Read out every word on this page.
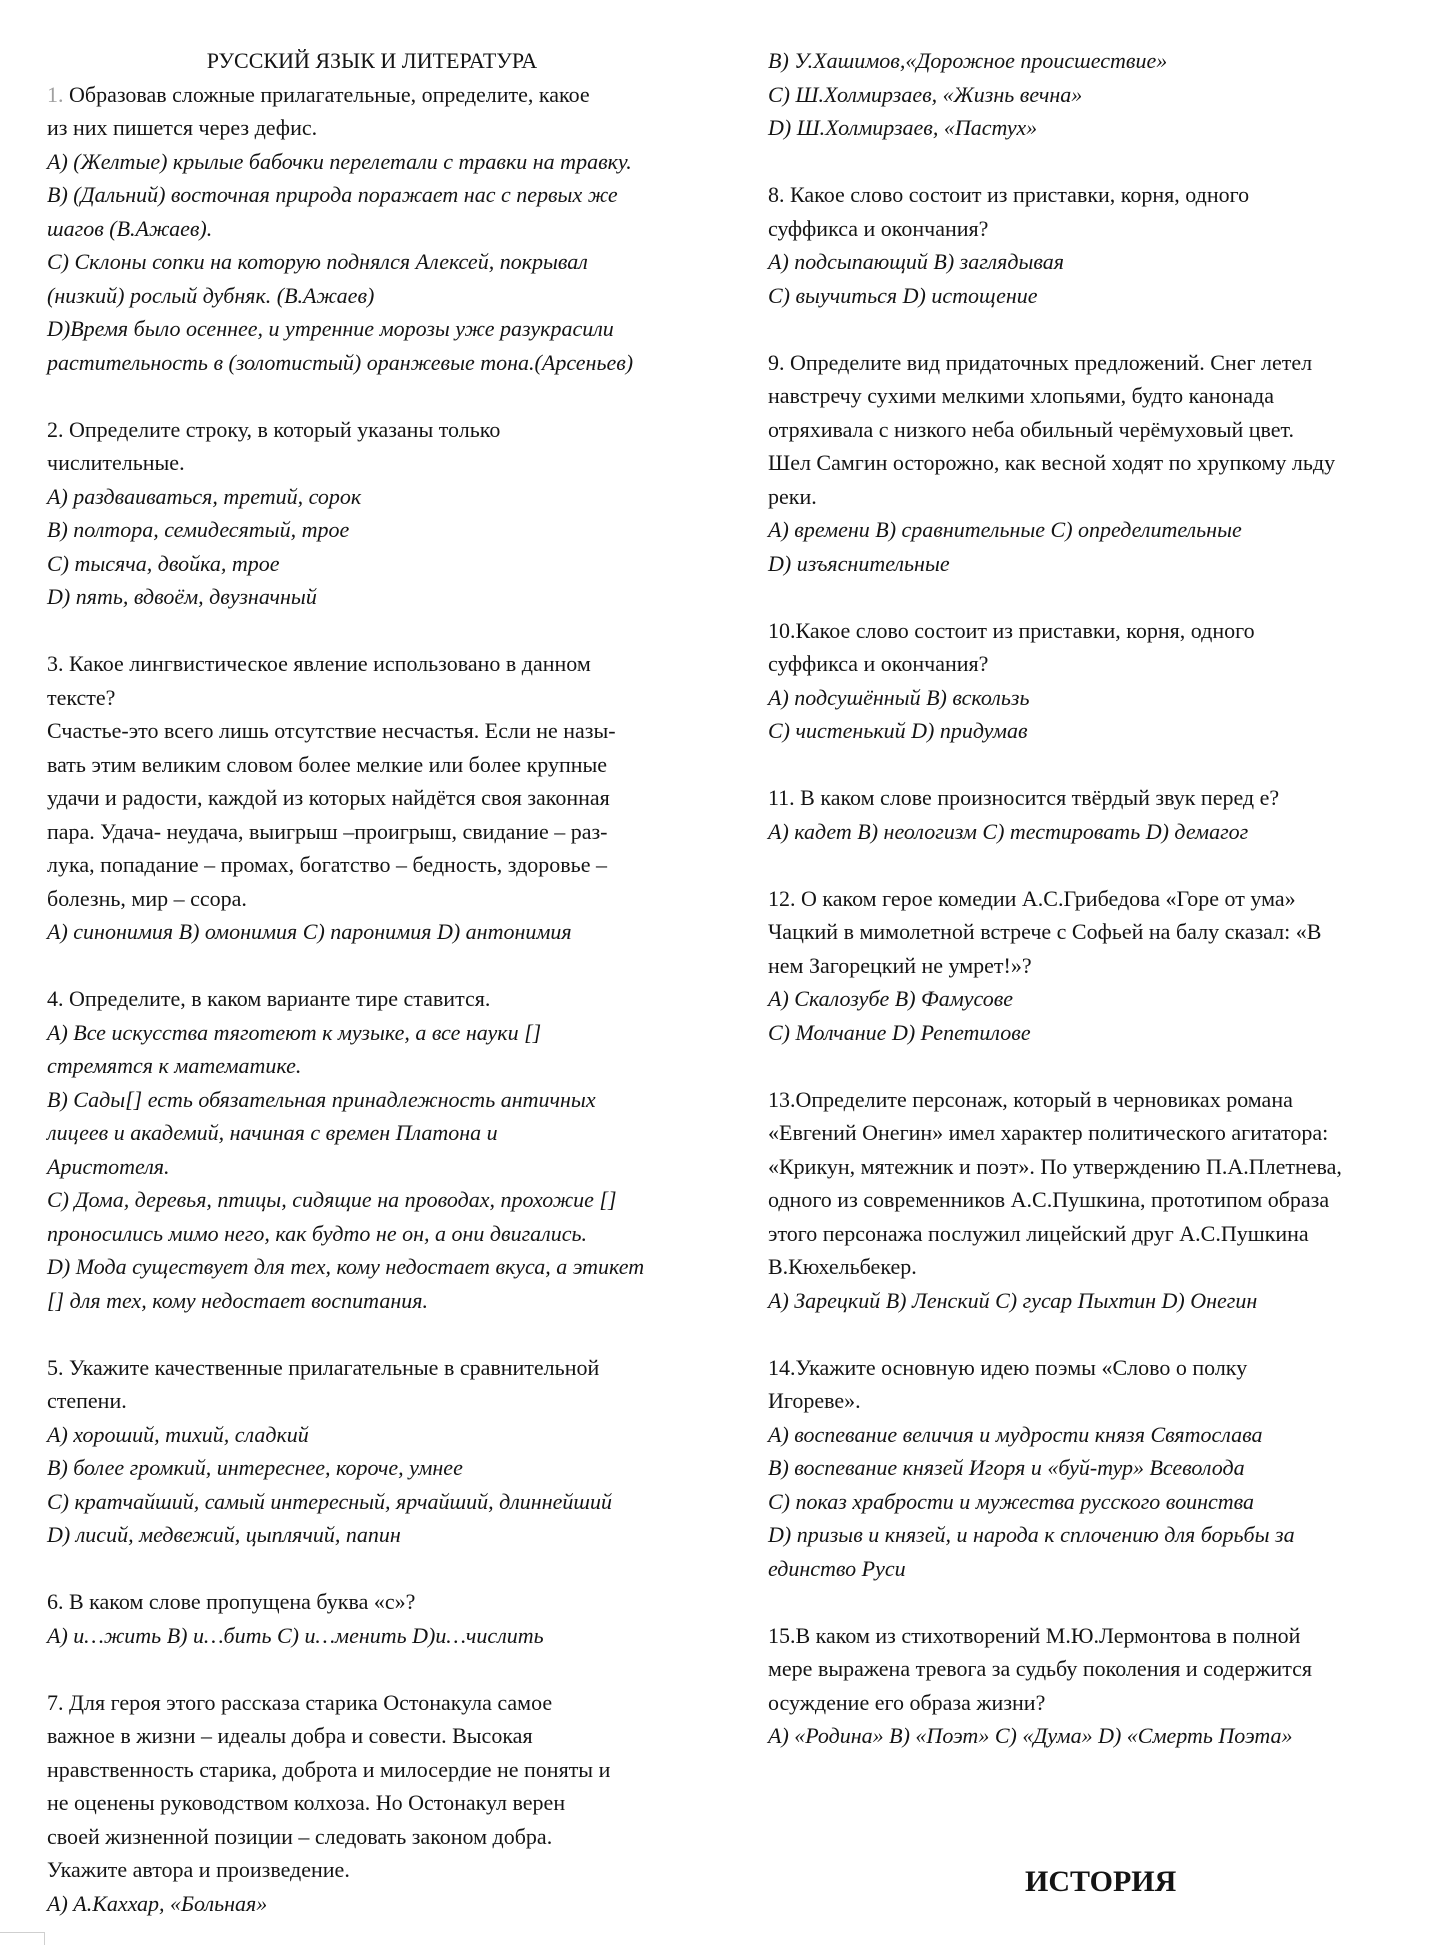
РУССКИЙ ЯЗЫК И ЛИТЕРАТУРА
1. Образовав сложные прилагательные, определите, какое
из них пишется через дефис.
A) (Желтые) крылые бабочки перелетали с травки на травку.
B) (Дальний) восточная природа поражает нас с первых же
шагов (В.Ажаев).
C) Склоны сопки на которую поднялся Алексей, покрывал
(низкий) рослый дубняк. (В.Ажаев)
D)Время было осеннее, и утренние морозы уже разукрасили
растительность в (золотистый) оранжевые тона.(Арсеньев)
2. Определите строку, в который указаны только
числительные.
A) раздваиваться, третий, сорок
B) полтора, семидесятый, трое
C) тысяча, двойка, трое
D) пять, вдвоём, двузначный
3. Какое лингвистическое явление использовано в данном
тексте?
Счастье-это всего лишь отсутствие несчастья. Если не назы-
вать этим великим словом более мелкие или более крупные
удачи и радости, каждой из которых найдётся своя законная
пара. Удача- неудача, выигрыш –проигрыш, свидание – раз-
лука, попадание – промах, богатство – бедность, здоровье –
болезнь, мир – ссора.
A) синонимия B) омонимия C) паронимия D) антонимия
4. Определите, в каком варианте тире ставится.
A) Все искусства тяготеют к музыке, а все науки []
стремятся к математике.
B) Сады[] есть обязательная принадлежность античных
лицеев и академий, начиная с времен Платона и
Аристотеля.
C) Дома, деревья, птицы, сидящие на проводах, прохожие []
проносились мимо него, как будто не он, а они двигались.
D) Мода существует для тех, кому недостает вкуса, а этикет
[] для тех, кому недостает воспитания.
5. Укажите качественные прилагательные в сравнительной
степени.
A) хороший, тихий, сладкий
B) более громкий, интереснее, короче, умнее
C) кратчайший, самый интересный, ярчайший, длиннейший
D) лисий, медвежий, цыплячий, папин
6. В каком слове пропущена буква «с»?
A) и…жить B) и…бить C) и…менить D)и…числить
7. Для героя этого рассказа старика Остонакула самое
важное в жизни – идеалы добра и совести. Высокая
нравственность старика, доброта и милосердие не поняты и
не оценены руководством колхоза. Но Остонакул верен
своей жизненной позиции – следовать законом добра.
Укажите автора и произведение.
A) А.Каххар, «Больная»
B) У.Хашимов,«Дорожное происшествие»
C) Ш.Холмирзаев, «Жизнь вечна»
D) Ш.Холмирзаев, «Пастух»
8. Какое слово состоит из приставки, корня, одного
суффикса и окончания?
A) подсыпающий B) заглядывая
C) выучиться D) истощение
9. Определите вид придаточных предложений. Снег летел
навстречу сухими мелкими хлопьями, будто канонада
отряхивала с низкого неба обильный черёмуховый цвет.
Шел Самгин осторожно, как весной ходят по хрупкому льду
реки.
A) времени B) сравнительные C) определительные
D) изъяснительные
10.Какое слово состоит из приставки, корня, одного
суффикса и окончания?
A) подсушённый B) вскользь
C) чистенький D) придумав
11. В каком слове произносится твёрдый звук перед е?
A) кадет B) неологизм C) тестировать D) демагог
12. О каком герое комедии А.С.Грибедова «Горе от ума»
Чацкий в мимолетной встрече с Софьей на балу сказал: «В
нем Загорецкий не умрет!»?
A) Скалозубе B) Фамусове
C) Молчание D) Репетилове
13.Определите персонаж, который в черновиках романа
«Евгений Онегин» имел характер политического агитатора:
«Крикун, мятежник и поэт». По утверждению П.А.Плетнева,
одного из современников А.С.Пушкина, прототипом образа
этого персонажа послужил лицейский друг А.С.Пушкина
В.Кюхельбекер.
A) Зарецкий B) Ленский C) гусар Пыхтин D) Онегин
14.Укажите основную идею поэмы «Слово о полку
Игореве».
A) воспевание величия и мудрости князя Святослава
B) воспевание князей Игоря и «буй-тур» Всеволода
C) показ храбрости и мужества русского воинства
D) призыв и князей, и народа к сплочению для борьбы за
единство Руси
15.В каком из стихотворений М.Ю.Лермонтова в полной
мере выражена тревога за судьбу поколения и содержится
осуждение его образа жизни?
A) «Родина» B) «Поэт» C) «Дума» D) «Смерть Поэта»
ИСТОРИЯ
